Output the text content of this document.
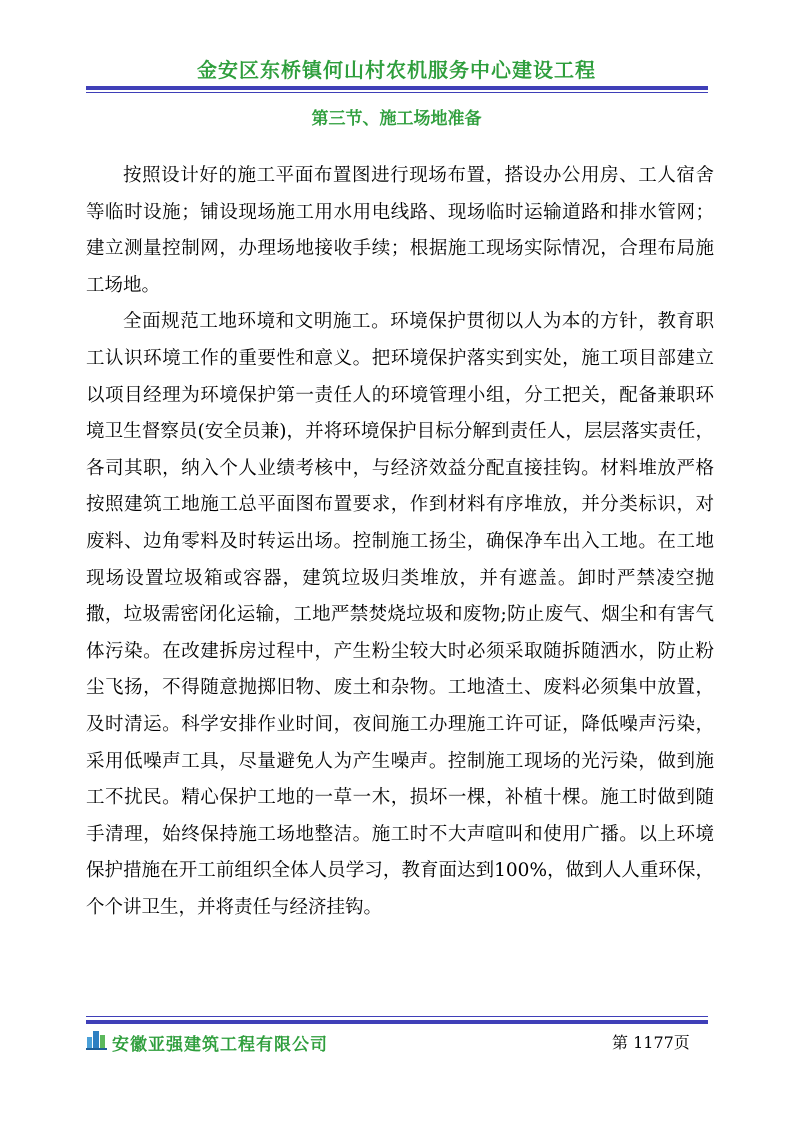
金安区东桥镇何山村农机服务中心建设工程
第三节、施工场地准备

按照设计好的施工平面布置图进行现场布置，搭设办公用房、工人宿舍等临时设施；铺设现场施工用水用电线路、现场临时运输道路和排水管网；建立测量控制网，办理场地接收手续；根据施工现场实际情况，合理布局施工场地。

全面规范工地环境和文明施工。环境保护贯彻以人为本的方针，教育职工认识环境工作的重要性和意义。把环境保护落实到实处，施工项目部建立以项目经理为环境保护第一责任人的环境管理小组，分工把关，配备兼职环境卫生督察员(安全员兼)，并将环境保护目标分解到责任人，层层落实责任，各司其职，纳入个人业绩考核中，与经济效益分配直接挂钩。材料堆放严格按照建筑工地施工总平面图布置要求，作到材料有序堆放，并分类标识，对废料、边角零料及时转运出场。控制施工扬尘，确保净车出入工地。在工地现场设置垃圾箱或容器，建筑垃圾归类堆放，并有遮盖。卸时严禁凌空抛撒，垃圾需密闭化运输，工地严禁焚烧垃圾和废物;防止废气、烟尘和有害气体污染。在改建拆房过程中，产生粉尘较大时必须采取随拆随洒水，防止粉尘飞扬，不得随意抛掷旧物、废土和杂物。工地渣土、废料必须集中放置，及时清运。科学安排作业时间，夜间施工办理施工许可证，降低噪声污染，采用低噪声工具，尽量避免人为产生噪声。控制施工现场的光污染，做到施工不扰民。精心保护工地的一草一木，损坏一棵，补植十棵。施工时做到随手清理，始终保持施工场地整洁。施工时不大声喧叫和使用广播。以上环境保护措施在开工前组织全体人员学习，教育面达到100%，做到人人重环保，个个讲卫生，并将责任与经济挂钩。

安徽亚强建筑工程有限公司	第 1177页
